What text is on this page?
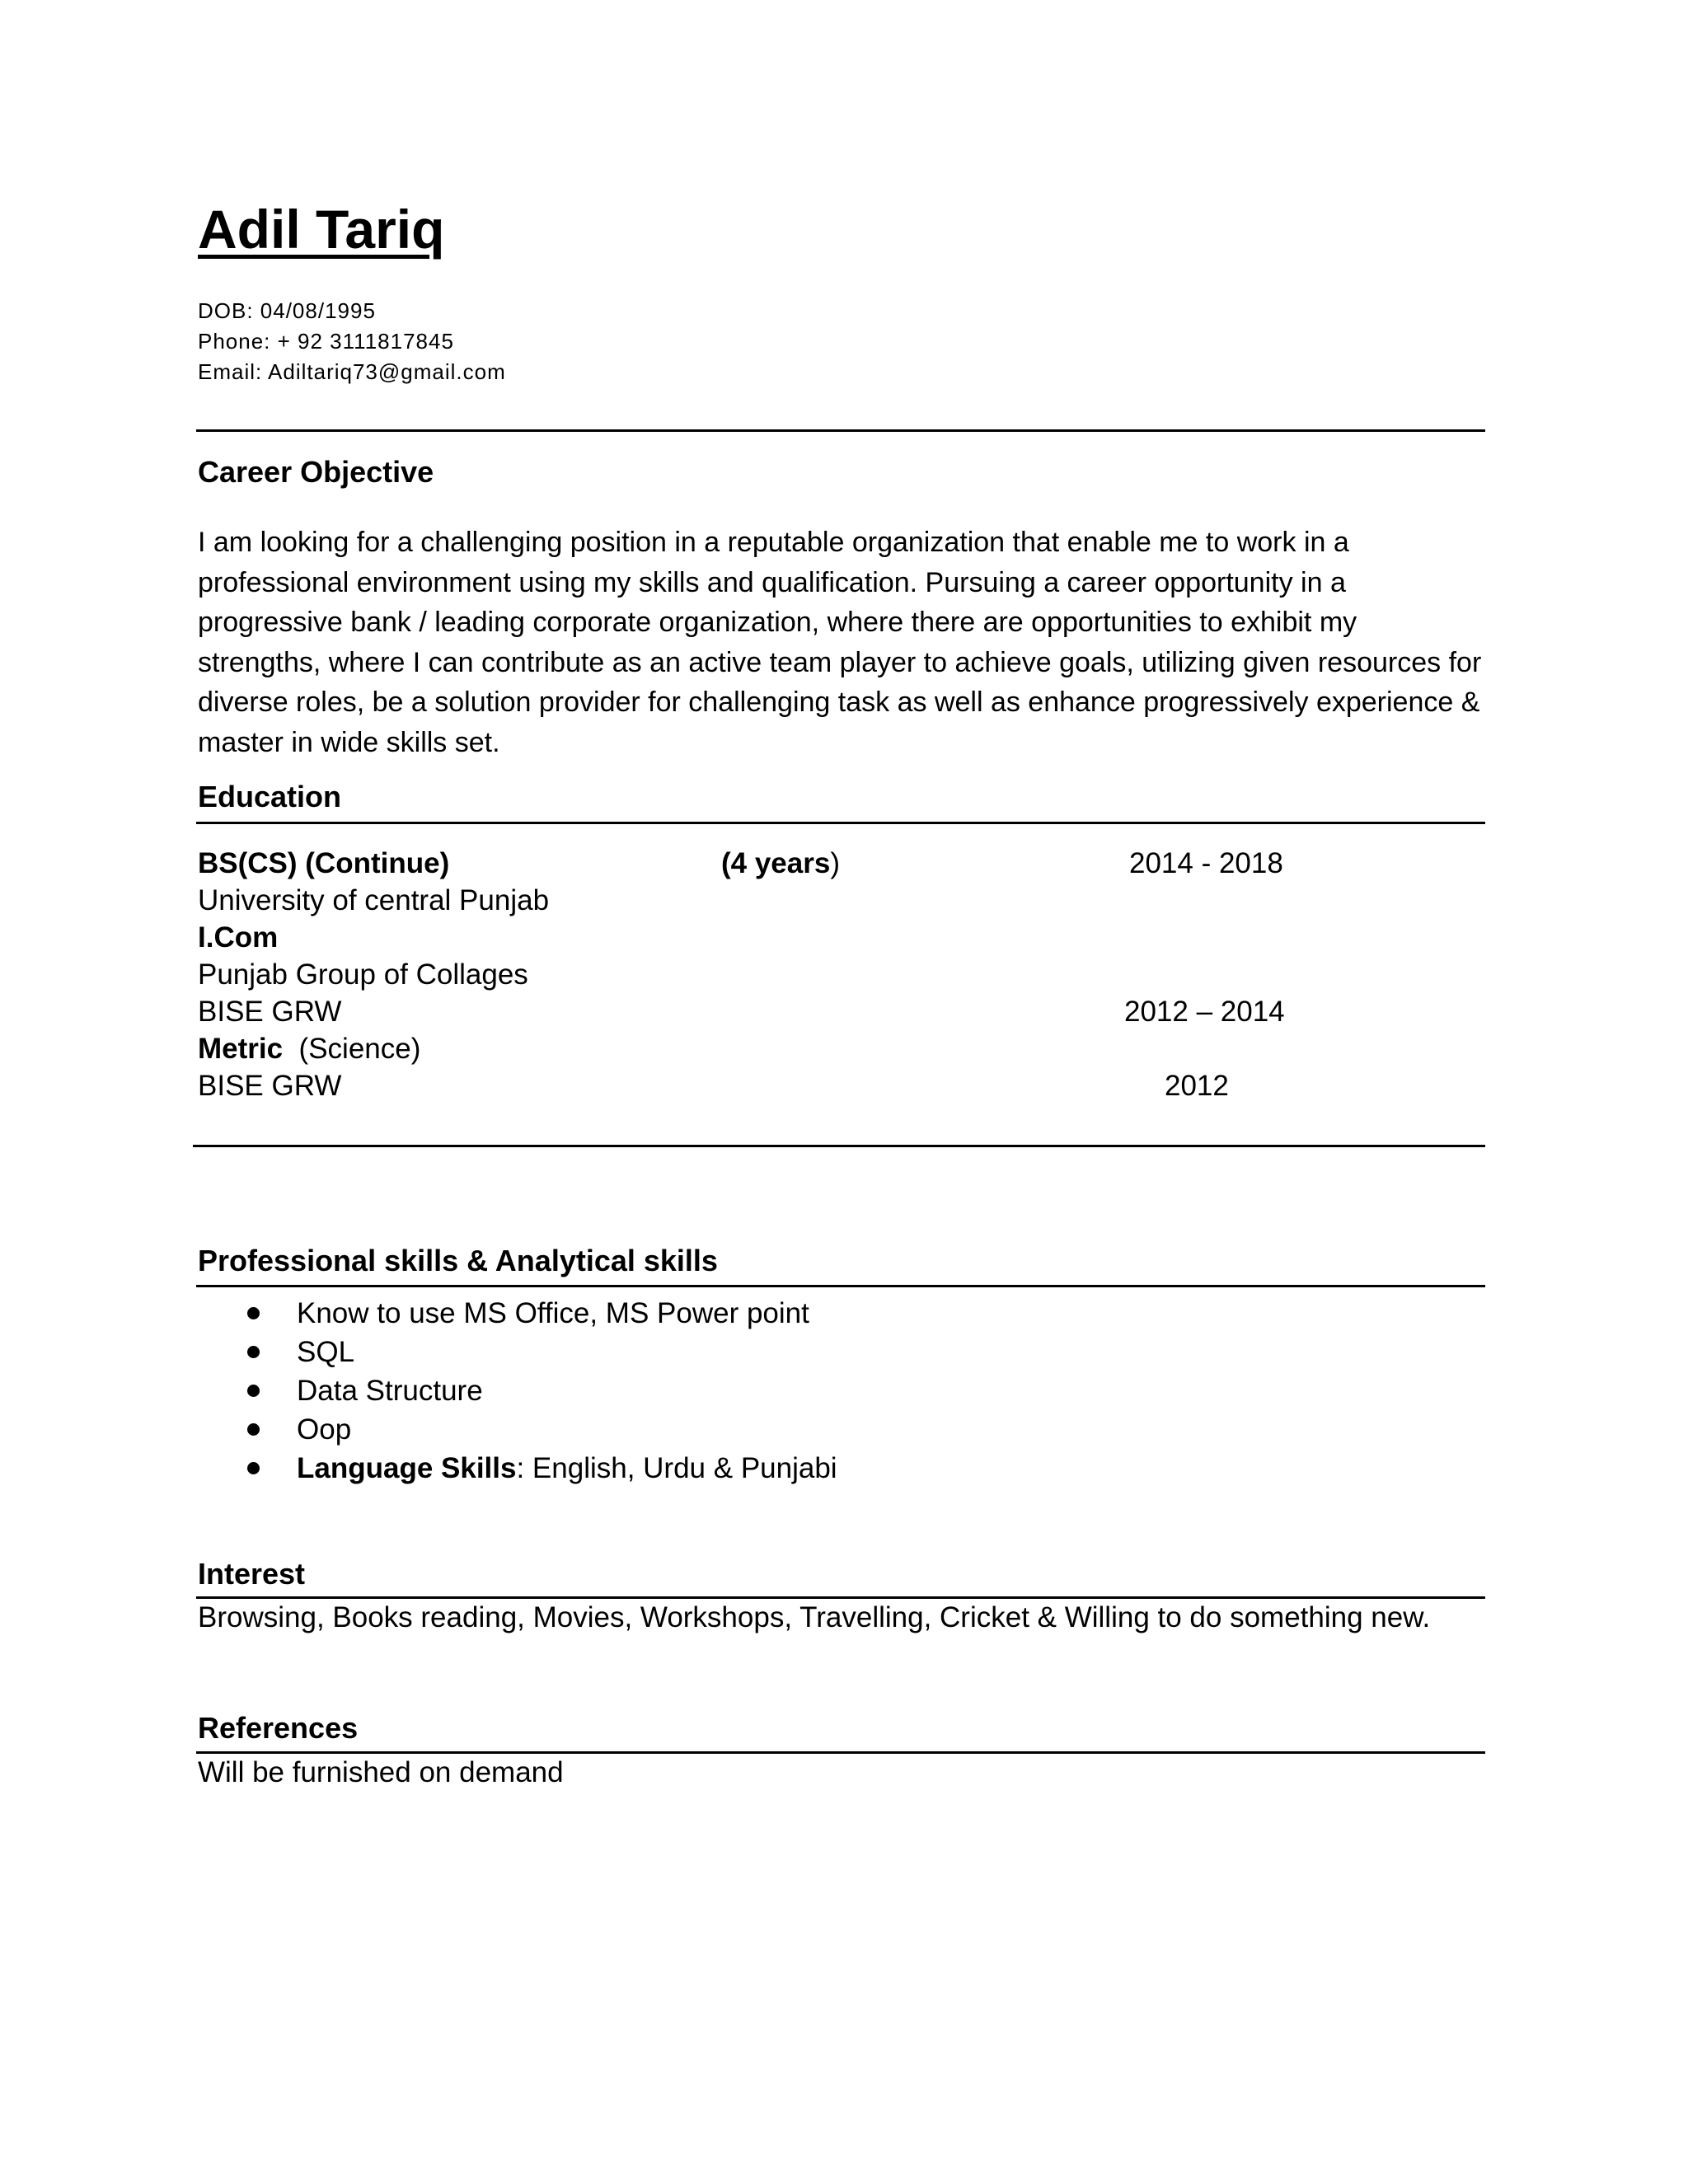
Adil Tariq
DOB: 04/08/1995
Phone: + 92 3111817845
Email: Adiltariq73@gmail.com
Career Objective
I am looking for a challenging position in a reputable organization that enable me to work in a professional environment using my skills and qualification. Pursuing a career opportunity in a progressive bank / leading corporate organization, where there are opportunities to exhibit my strengths, where I can contribute as an active team player to achieve goals, utilizing given resources for diverse roles, be a solution provider for challenging task as well as enhance progressively experience & master in wide skills set.
Education
BS(CS) (Continue)	(4 years)	2014 - 2018
University of central Punjab
I.Com
Punjab Group of Collages
BISE GRW	2012 – 2014
Metric  (Science)
BISE GRW	2012
Professional skills & Analytical skills
Know to use MS Office, MS Power point
SQL
Data Structure
Oop
Language Skills: English, Urdu & Punjabi
Interest
Browsing, Books reading, Movies, Workshops, Travelling, Cricket & Willing to do something new.
References
Will be furnished on demand
